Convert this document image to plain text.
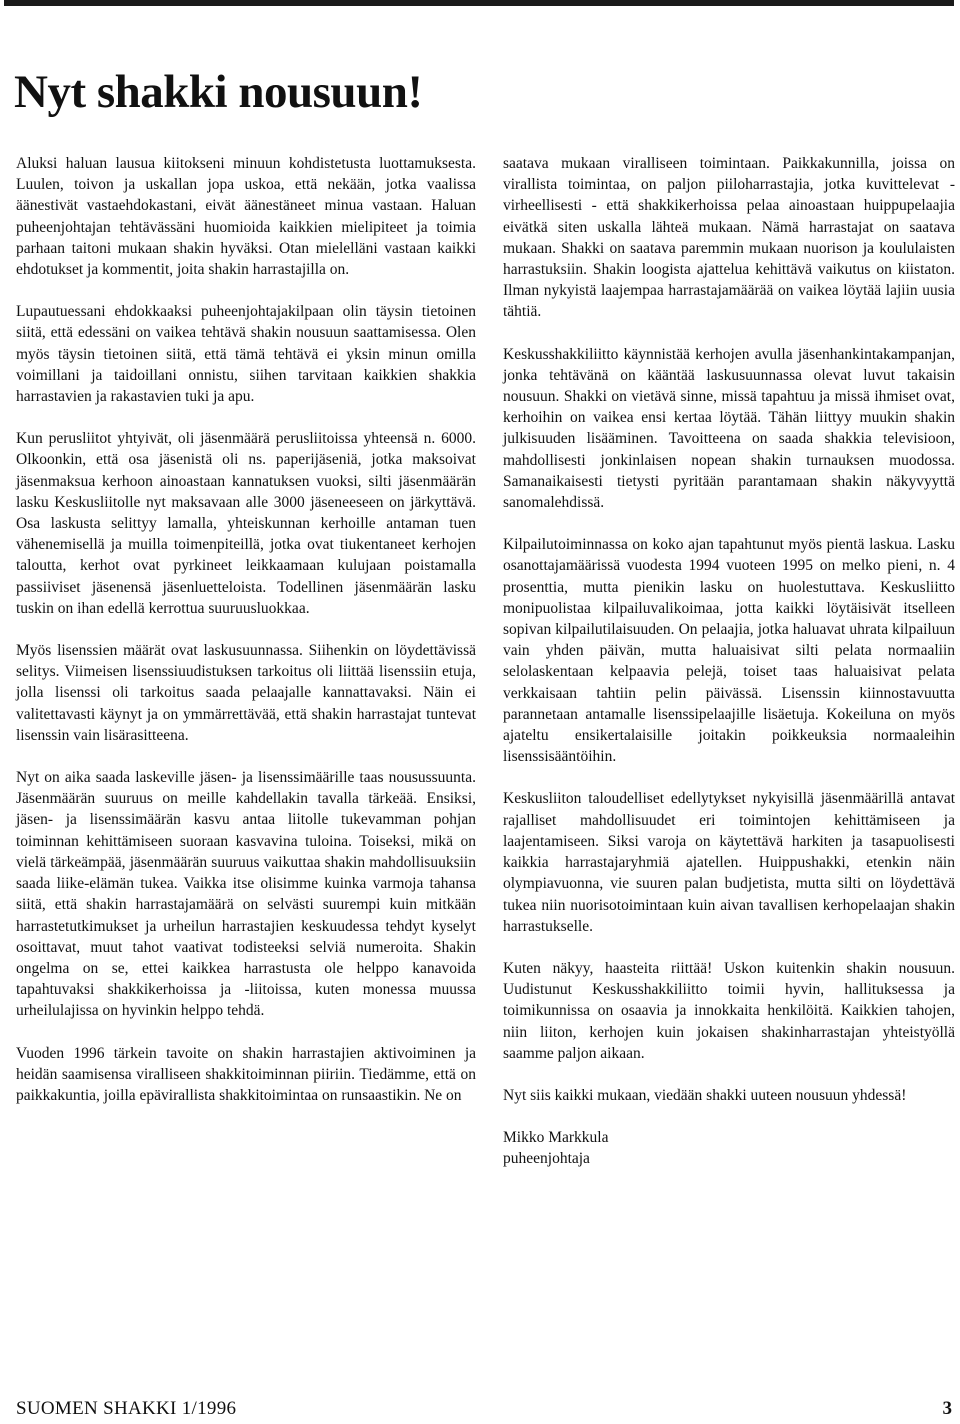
Nyt shakki nousuun!

Aluksi haluan lausua kiitokseni minuun kohdistetusta luottamuksesta. Luulen, toivon ja uskallan jopa uskoa, että nekään, jotka vaalissa äänestivät vastaehdokastani, eivät äänestäneet minua vastaan. Haluan puheenjohtajan tehtävässäni huomioida kaikkien mielipiteet ja toimia parhaan taitoni mukaan shakin hyväksi. Otan mielelläni vastaan kaikki ehdotukset ja kommentit, joita shakin harrastajilla on.

Lupautuessani ehdokkaaksi puheenjohtajakilpaan olin täysin tietoinen siitä, että edessäni on vaikea tehtävä shakin nousuun saattamisessa. Olen myös täysin tietoinen siitä, että tämä tehtävä ei yksin minun omilla voimillani ja taidoillani onnistu, siihen tarvitaan kaikkien shakkia harrastavien ja rakastavien tuki ja apu.

Kun perusliitot yhtyivät, oli jäsenmäärä perusliitoissa yhteensä n. 6000. Olkoonkin, että osa jäsenistä oli ns. paperijäseniä, jotka maksoivat jäsenmaksua kerhoon ainoastaan kannatuksen vuoksi, silti jäsenmäärän lasku Keskusliitolle nyt maksavaan alle 3000 jäseneeseen on järkyttävä. Osa laskusta selittyy lamalla, yhteiskunnan kerhoille antaman tuen vähenemisellä ja muilla toimenpiteillä, jotka ovat tiukentaneet kerhojen taloutta, kerhot ovat pyrkineet leikkaamaan kulujaan poistamalla passiiviset jäsenensä jäsenluetteloista. Todellinen jäsenmäärän lasku tuskin on ihan edellä kerrottua suuruusluokkaa.

Myös lisenssien määrät ovat laskusuunnassa. Siihenkin on löydettävissä selitys. Viimeisen lisenssiuudistuksen tarkoitus oli liittää lisenssiin etuja, jolla lisenssi oli tarkoitus saada pelaajalle kannattavaksi. Näin ei valitettavasti käynyt ja on ymmärrettävää, että shakin harrastajat tuntevat lisenssin vain lisärasitteena.

Nyt on aika saada laskeville jäsen- ja lisenssimäärille taas nousussuunta. Jäsenmäärän suuruus on meille kahdellakin tavalla tärkeää. Ensiksi, jäsen- ja lisenssimäärän kasvu antaa liitolle tukevamman pohjan toiminnan kehittämiseen suoraan kasvavina tuloina. Toiseksi, mikä on vielä tärkeämpää, jäsenmäärän suuruus vaikuttaa shakin mahdollisuuksiin saada liike-elämän tukea. Vaikka itse olisimme kuinka varmoja tahansa siitä, että shakin harrastajamäärä on selvästi suurempi kuin mitkään harrastetutkimukset ja urheilun harrastajien keskuudessa tehdyt kyselyt osoittavat, muut tahot vaativat todisteeksi selviä numeroita. Shakin ongelma on se, ettei kaikkea harrastusta ole helppo kanavoida tapahtuvaksi shakkikerhoissa ja -liitoissa, kuten monessa muussa urheilulajissa on hyvinkin helppo tehdä.

Vuoden 1996 tärkein tavoite on shakin harrastajien aktivoiminen ja heidän saamisensa viralliseen shakkitoiminnan piiriin. Tiedämme, että on paikkakuntia, joilla epävirallista shakkitoimintaa on runsaastikin. Ne on

saatava mukaan viralliseen toimintaan. Paikkakunnilla, joissa on virallista toimintaa, on paljon piiloharrastajia, jotka kuvittelevat - virheellisesti - että shakkikerhoissa pelaa ainoastaan huippupelaajia eivätkä siten uskalla lähteä mukaan. Nämä harrastajat on saatava mukaan. Shakki on saatava paremmin mukaan nuorison ja koululaisten harrastuksiin. Shakin loogista ajattelua kehittävä vaikutus on kiistaton. Ilman nykyistä laajempaa harrastajamäärää on vaikea löytää lajiin uusia tähtiä.

Keskusshakkiliitto käynnistää kerhojen avulla jäsenhankintakampanjan, jonka tehtävänä on kääntää laskusuunnassa olevat luvut takaisin nousuun. Shakki on vietävä sinne, missä tapahtuu ja missä ihmiset ovat, kerhoihin on vaikea ensi kertaa löytää. Tähän liittyy muukin shakin julkisuuden lisääminen. Tavoitteena on saada shakkia televisioon, mahdollisesti jonkinlaisen nopean shakin turnauksen muodossa. Samanaikaisesti tietysti pyritään parantamaan shakin näkyvyyttä sanomalehdissä.

Kilpailutoiminnassa on koko ajan tapahtunut myös pientä laskua. Lasku osanottajamäärissä vuodesta 1994 vuoteen 1995 on melko pieni, n. 4 prosenttia, mutta pienikin lasku on huolestuttava. Keskusliitto monipuolistaa kilpailuvalikoimaa, jotta kaikki löytäisivät itselleen sopivan kilpailutilaisuuden. On pelaajia, jotka haluavat uhrata kilpailuun vain yhden päivän, mutta haluaisivat silti pelata normaaliin selolaskentaan kelpaavia pelejä, toiset taas haluaisivat pelata verkkaisaan tahtiin pelin päivässä. Lisenssin kiinnostavuutta parannetaan antamalle lisenssipelaajille lisäetuja. Kokeiluna on myös ajateltu ensikertalaisille joitakin poikkeuksia normaaleihin lisenssisääntöihin.

Keskusliiton taloudelliset edellytykset nykyisillä jäsenmäärillä antavat rajalliset mahdollisuudet eri toimintojen kehittämiseen ja laajentamiseen. Siksi varoja on käytettävä harkiten ja tasapuolisesti kaikkia harrastajaryhmiä ajatellen. Huippushakki, etenkin näin olympiavuonna, vie suuren palan budjetista, mutta silti on löydettävä tukea niin nuorisotoimintaan kuin aivan tavallisen kerhopelaajan shakin harrastukselle.

Kuten näkyy, haasteita riittää! Uskon kuitenkin shakin nousuun. Uudistunut Keskusshakkiliitto toimii hyvin, hallituksessa ja toimikunnissa on osaavia ja innokkaita henkilöitä. Kaikkien tahojen, niin liiton, kerhojen kuin jokaisen shakinharrastajan yhteistyöllä saamme paljon aikaan.

Nyt siis kaikki mukaan, viedään shakki uuteen nousuun yhdessä!

Mikko Markkula

puheenjohtaja

SUOMEN SHAKKI 1/1996	3
